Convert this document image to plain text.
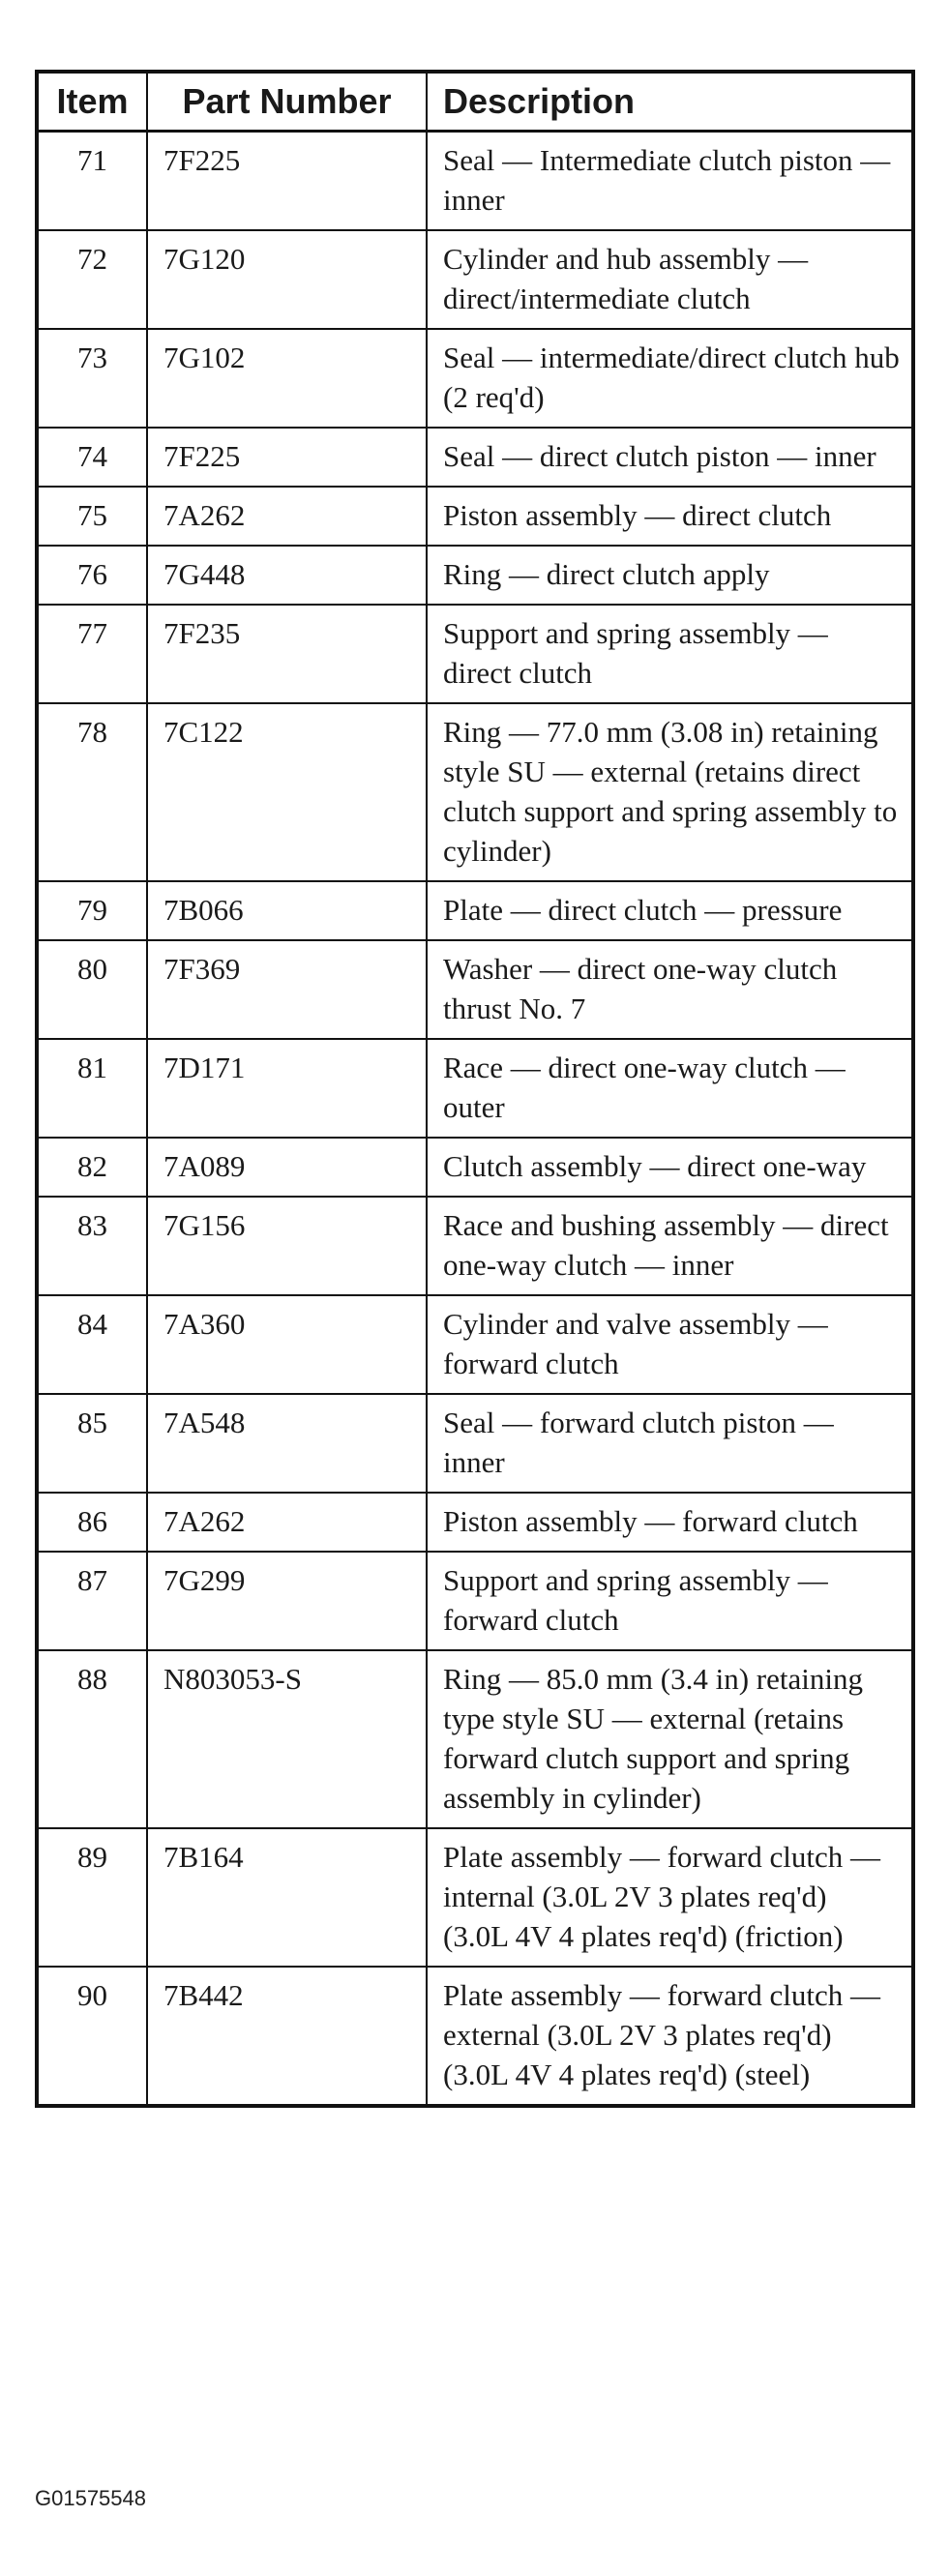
Item	Part Number	Description
71	7F225	Seal — Intermediate clutch piston — inner
72	7G120	Cylinder and hub assembly — direct/intermediate clutch
73	7G102	Seal — intermediate/direct clutch hub (2 req'd)
74	7F225	Seal — direct clutch piston — inner
75	7A262	Piston assembly — direct clutch
76	7G448	Ring — direct clutch apply
77	7F235	Support and spring assembly — direct clutch
78	7C122	Ring — 77.0 mm (3.08 in) retaining style SU — external (retains direct clutch support and spring assembly to cylinder)
79	7B066	Plate — direct clutch — pressure
80	7F369	Washer — direct one-way clutch thrust No. 7
81	7D171	Race — direct one-way clutch — outer
82	7A089	Clutch assembly — direct one-way
83	7G156	Race and bushing assembly — direct one-way clutch — inner
84	7A360	Cylinder and valve assembly — forward clutch
85	7A548	Seal — forward clutch piston — inner
86	7A262	Piston assembly — forward clutch
87	7G299	Support and spring assembly — forward clutch
88	N803053-S	Ring — 85.0 mm (3.4 in) retaining type style SU — external (retains forward clutch support and spring assembly in cylinder)
89	7B164	Plate assembly — forward clutch — internal (3.0L 2V 3 plates req'd) (3.0L 4V 4 plates req'd) (friction)
90	7B442	Plate assembly — forward clutch — external (3.0L 2V 3 plates req'd) (3.0L 4V 4 plates req'd) (steel)
G01575548
